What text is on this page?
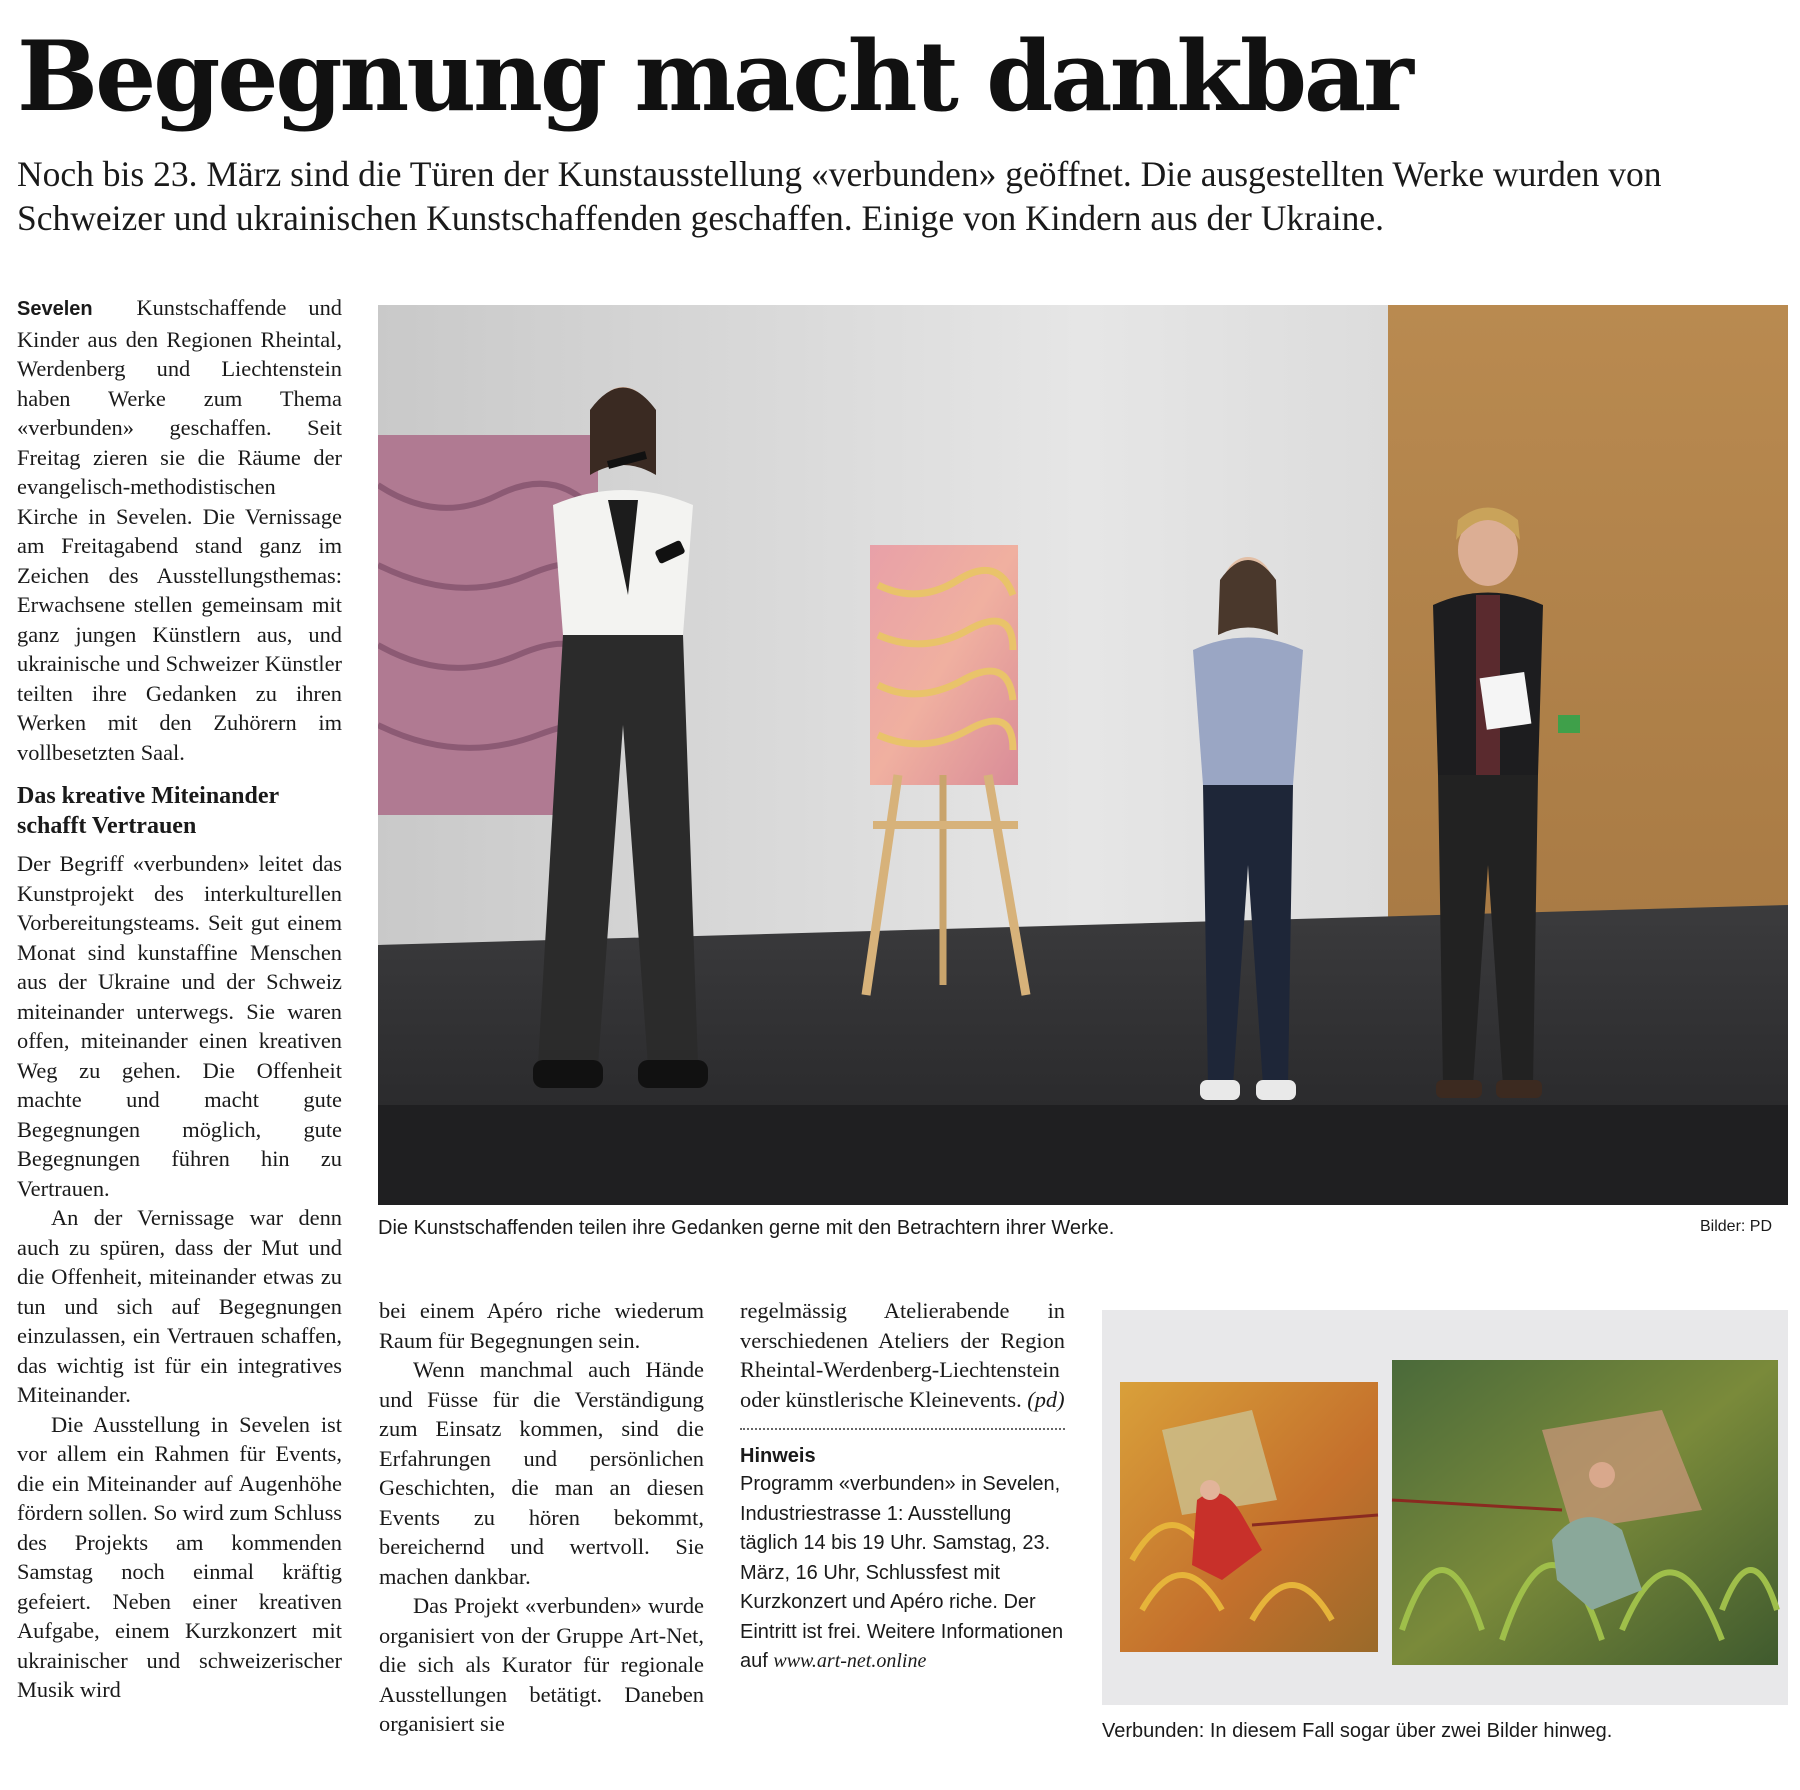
Begegnung macht dankbar

Noch bis 23. März sind die Türen der Kunstausstellung «verbunden» geöffnet. Die ausgestellten Werke wurden von Schweizer und ukrainischen Kunstschaffenden geschaffen. Einige von Kindern aus der Ukraine.

Sevelen Kunstschaffende und Kinder aus den Regionen Rheintal, Werdenberg und Liechtenstein haben Werke zum Thema «verbunden» geschaffen. Seit Freitag zieren sie die Räume der evangelisch-methodistischen Kirche in Sevelen. Die Vernissage am Freitagabend stand ganz im Zeichen des Ausstellungsthemas: Erwachsene stellen gemeinsam mit ganz jungen Künstlern aus, und ukrainische und Schweizer Künstler teilten ihre Gedanken zu ihren Werken mit den Zuhörern im vollbesetzten Saal.

Das kreative Miteinander schafft Vertrauen

Der Begriff «verbunden» leitet das Kunstprojekt des interkulturellen Vorbereitungsteams. Seit gut einem Monat sind kunstaffine Menschen aus der Ukraine und der Schweiz miteinander unterwegs. Sie waren offen, miteinander einen kreativen Weg zu gehen. Die Offenheit machte und macht gute Begegnungen möglich, gute Begegnungen führen hin zu Vertrauen.

An der Vernissage war denn auch zu spüren, dass der Mut und die Offenheit, miteinander etwas zu tun und sich auf Begegnungen einzulassen, ein Vertrauen schaffen, das wichtig ist für ein integratives Miteinander.

Die Ausstellung in Sevelen ist vor allem ein Rahmen für Events, die ein Miteinander auf Augenhöhe fördern sollen. So wird zum Schluss des Projekts am kommenden Samstag noch einmal kräftig gefeiert. Neben einer kreativen Aufgabe, einem Kurzkonzert mit ukrainischer und schweizerischer Musik wird

bei einem Apéro riche wiederum Raum für Begegnungen sein.

Wenn manchmal auch Hände und Füsse für die Verständigung zum Einsatz kommen, sind die Erfahrungen und persönlichen Geschichten, die man an diesen Events zu hören bekommt, bereichernd und wertvoll. Sie machen dankbar.

Das Projekt «verbunden» wurde organisiert von der Gruppe Art-Net, die sich als Kurator für regionale Ausstellungen betätigt. Daneben organisiert sie

regelmässig Atelierabende in verschiedenen Ateliers der Region Rheintal-Werdenberg-Liechtenstein oder künstlerische Kleinevents. (pd)

Hinweis
Programm «verbunden» in Sevelen, Industriestrasse 1: Ausstellung täglich 14 bis 19 Uhr. Samstag, 23. März, 16 Uhr, Schlussfest mit Kurzkonzert und Apéro riche. Der Eintritt ist frei. Weitere Informationen auf www.art-net.online

Die Kunstschaffenden teilen ihre Gedanken gerne mit den Betrachtern ihrer Werke.	Bilder: PD

Verbunden: In diesem Fall sogar über zwei Bilder hinweg.
